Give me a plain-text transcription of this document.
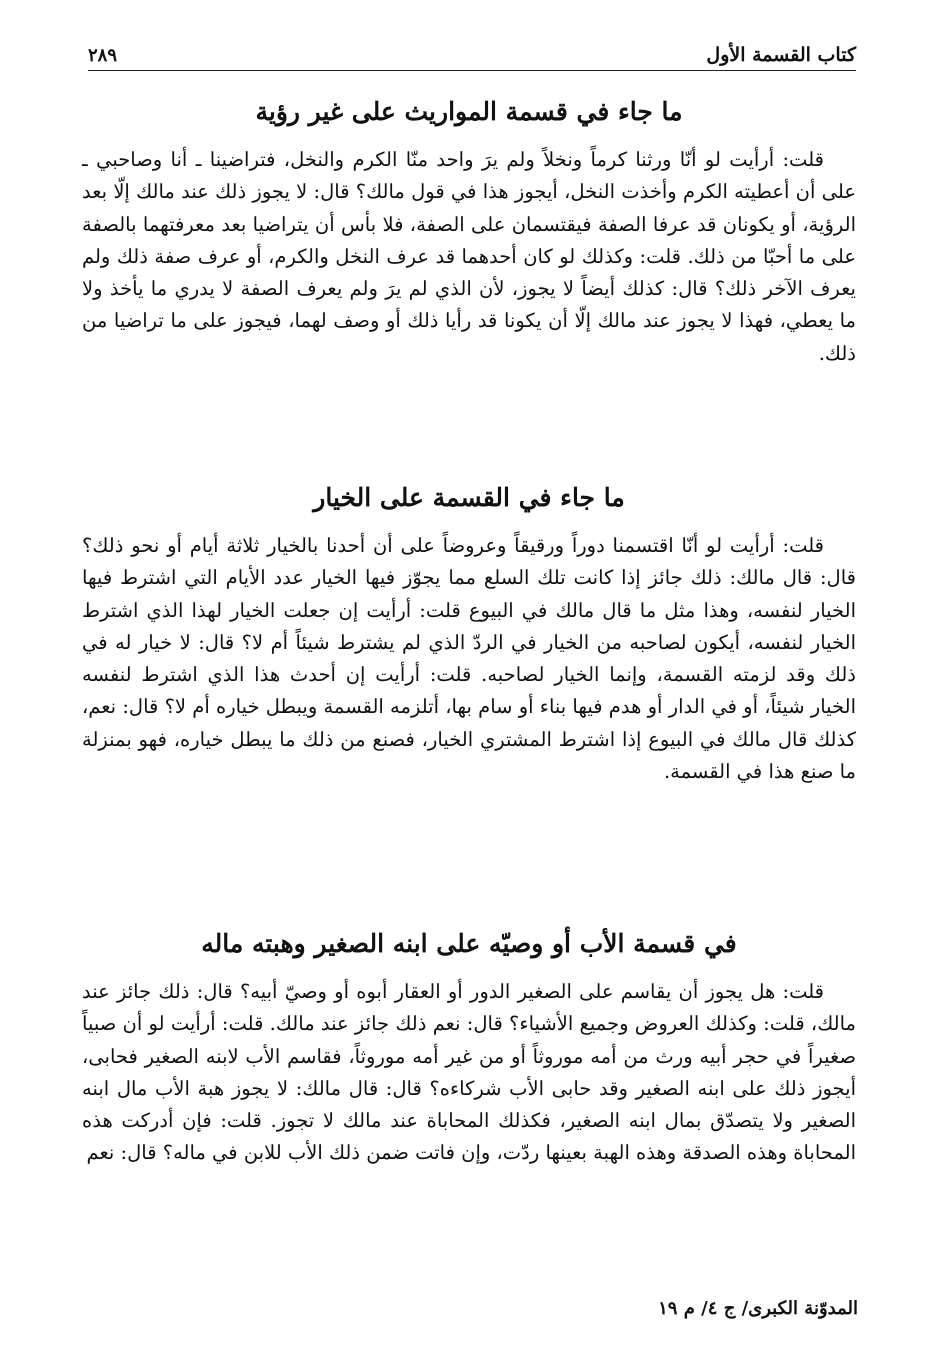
كتاب القسمة الأول
٢٨٩
ما جاء في قسمة المواريث على غير رؤية

قلت: أرأيت لو أنّا ورثنا كرماً ونخلاً ولم يرَ واحد منّا الكرم والنخل، فتراضينا ـ أنا وصاحبي ـ على أن أعطيته الكرم وأخذت النخل، أيجوز هذا في قول مالك؟ قال: لا يجوز ذلك عند مالك إلّا بعد الرؤية، أو يكونان قد عرفا الصفة فيقتسمان على الصفة، فلا بأس أن يتراضيا بعد معرفتهما بالصفة على ما أحبّا من ذلك. قلت: وكذلك لو كان أحدهما قد عرف النخل والكرم، أو عرف صفة ذلك ولم يعرف الآخر ذلك؟ قال: كذلك أيضاً لا يجوز، لأن الذي لم يرَ ولم يعرف الصفة لا يدري ما يأخذ ولا ما يعطي، فهذا لا يجوز عند مالك إلّا أن يكونا قد رأيا ذلك أو وصف لهما، فيجوز على ما تراضيا من ذلك.

ما جاء في القسمة على الخيار

قلت: أرأيت لو أنّا اقتسمنا دوراً ورقيقاً وعروضاً على أن أحدنا بالخيار ثلاثة أيام أو نحو ذلك؟ قال: قال مالك: ذلك جائز إذا كانت تلك السلع مما يجوّز فيها الخيار عدد الأيام التي اشترط فيها الخيار لنفسه، وهذا مثل ما قال مالك في البيوع قلت: أرأيت إن جعلت الخيار لهذا الذي اشترط الخيار لنفسه، أيكون لصاحبه من الخيار في الردّ الذي لم يشترط شيئاً أم لا؟ قال: لا خيار له في ذلك وقد لزمته القسمة، وإنما الخيار لصاحبه. قلت: أرأيت إن أحدث هذا الذي اشترط لنفسه الخيار شيئاً، أو في الدار أو هدم فيها بناء أو سام بها، أتلزمه القسمة ويبطل خياره أم لا؟ قال: نعم، كذلك قال مالك في البيوع إذا اشترط المشتري الخيار، فصنع من ذلك ما يبطل خياره، فهو بمنزلة ما صنع هذا في القسمة.

في قسمة الأب أو وصيّه على ابنه الصغير وهبته ماله

قلت: هل يجوز أن يقاسم على الصغير الدور أو العقار أبوه أو وصيّ أبيه؟ قال: ذلك جائز عند مالك، قلت: وكذلك العروض وجميع الأشياء؟ قال: نعم ذلك جائز عند مالك. قلت: أرأيت لو أن صبياً صغيراً في حجر أبيه ورث من أمه موروثاً أو من غير أمه موروثاً، فقاسم الأب لابنه الصغير فحابى، أيجوز ذلك على ابنه الصغير وقد حابى الأب شركاءه؟ قال: قال مالك: لا يجوز هبة الأب مال ابنه الصغير ولا يتصدّق بمال ابنه الصغير، فكذلك المحاباة عند مالك لا تجوز. قلت: فإن أدركت هذه المحاباة وهذه الصدقة وهذه الهبة بعينها ردّت، وإن فاتت ضمن ذلك الأب للابن في ماله؟ قال: نعم

المدوّنة الكبرى/ ج ٤/ م ١٩
